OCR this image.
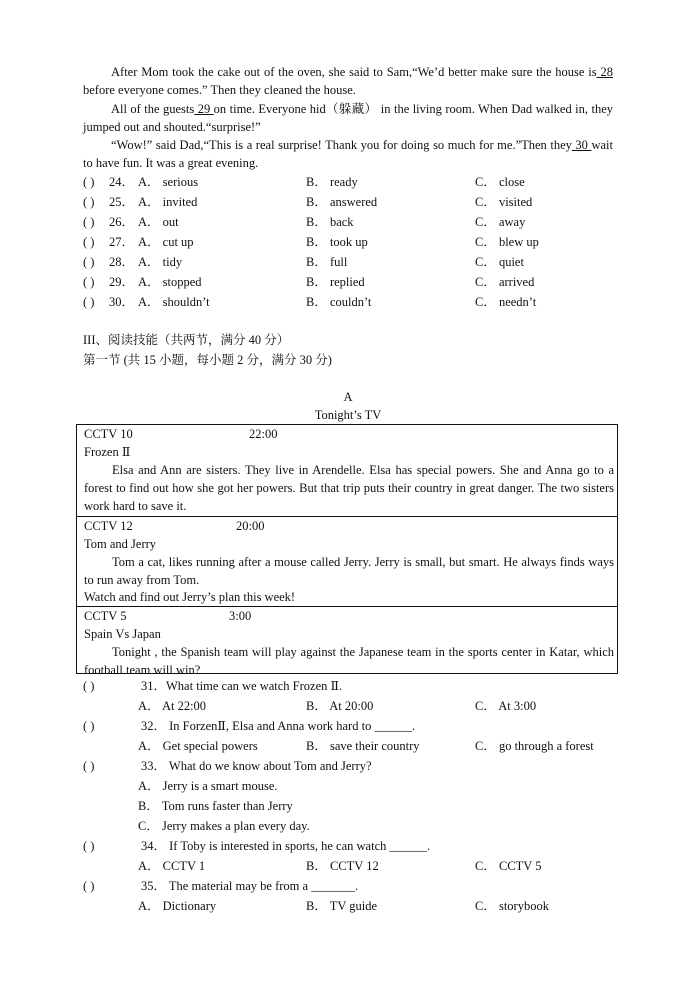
After Mom took the cake out of the oven, she said to Sam,“We’d better make sure the house is 28 before everyone comes.” Then they cleaned the house.

All of the guests 29 on time. Everyone hid（躲藏） in the living room. When Dad walked in, they jumped out and shouted.“surprise!”

“Wow!” said Dad,“This is a real surprise! Thank you for doing so much for me.”Then they 30 wait to have fun. It was a great evening.

( ) 24． A． serious	B． ready	C． close
( ) 25． A． invited	B． answered	C． visited
( ) 26． A． out	B． back	C． away
( ) 27． A． cut up	B． took up	C． blew up
( ) 28． A． tidy	B． full	C． quiet
( ) 29． A． stopped	B． replied	C． arrived
( ) 30． A． shouldn’t	B． couldn’t	C． needn’t
III、阅读技能（共两节，满分 40 分）
第一节 (共 15 小题，每小题 2 分，满分 30 分)
A
Tonight’s TV
CCTV 10	22:00
Frozen Ⅱ

Elsa and Ann are sisters. They live in Arendelle. Elsa has special powers. She and Anna go to a forest to find out how she got her powers. But that trip puts their country in great danger. The two sisters work hard to save it.

CCTV 12	20:00
Tom and Jerry

Tom a cat, likes running after a mouse called Jerry. Jerry is small, but smart. He always finds ways to run away from Tom.

Watch and find out Jerry’s plan this week!
CCTV 5	3:00
Spain Vs Japan

Tonight , the Spanish team will play against the Japanese team in the sports center in Katar, which football team will win?

( )	31．What time can we watch Frozen Ⅱ.
A． At 22:00	B． At 20:00	C． At 3:00
( )	32． In ForzenⅡ, Elsa and Anna work hard to ______.
A． Get special powers	B． save their country	C． go through a forest
( )	33． What do we know about Tom and Jerry?
A． Jerry is a smart mouse.
B． Tom runs faster than Jerry
C． Jerry makes a plan every day.
( )	34． If Toby is interested in sports, he can watch ______.
A． CCTV 1	B． CCTV 12	C． CCTV 5
( )	35． The material may be from a _______.
A． Dictionary	B． TV guide	C． storybook
